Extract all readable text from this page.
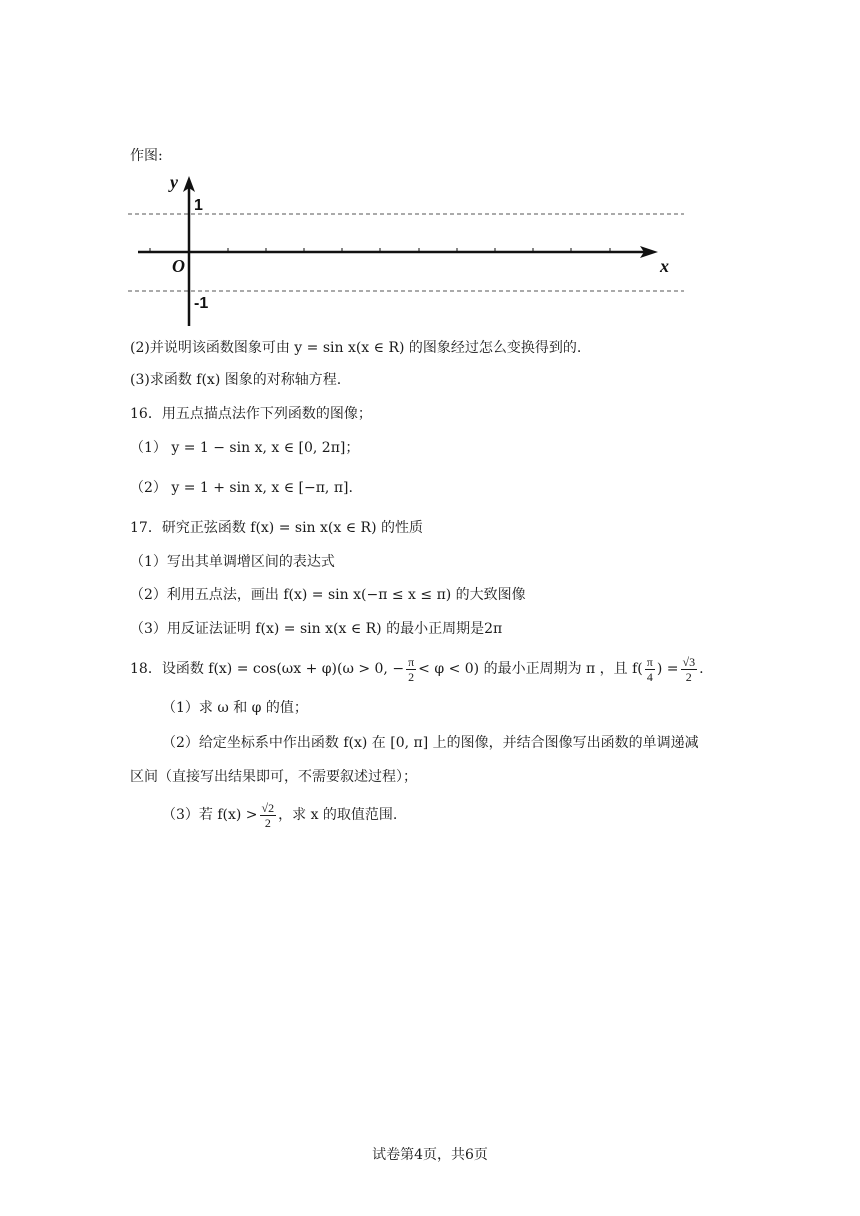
作图:
y
x
O
1
-1
(2)并说明该函数图象可由 y = sin x(x ∈ R) 的图象经过怎么变换得到的.
(3)求函数 f(x) 图象的对称轴方程.
16．用五点描点法作下列函数的图像；
（1） y = 1 − sin x, x ∈ [0, 2π]；
（2） y = 1 + sin x, x ∈ [−π, π].
17．研究正弦函数 f(x) = sin x(x ∈ R) 的性质
（1）写出其单调增区间的表达式
（2）利用五点法，画出 f(x) = sin x(−π ≤ x ≤ π) 的大致图像
（3）用反证法证明 f(x) = sin x(x ∈ R) 的最小正周期是2π
18．设函数 f(x) = cos(ωx + φ)(ω > 0, − $\frac{\pi}{2} < \varphi < 0$) 的最小正周期为 π ，且 $f( \frac{\pi}{4}$ ) = $\frac{√3}{2}$ .
（1）求 ω 和 φ 的值；
（2）给定坐标系中作出函数 f(x) 在 [0, π] 上的图像，并结合图像写出函数的单调递减
区间（直接写出结果即可，不需要叙述过程）；
（3）若 $f(x) > \frac{√2}{2}$ ，求 x 的取值范围.
试卷第4页，共6页
